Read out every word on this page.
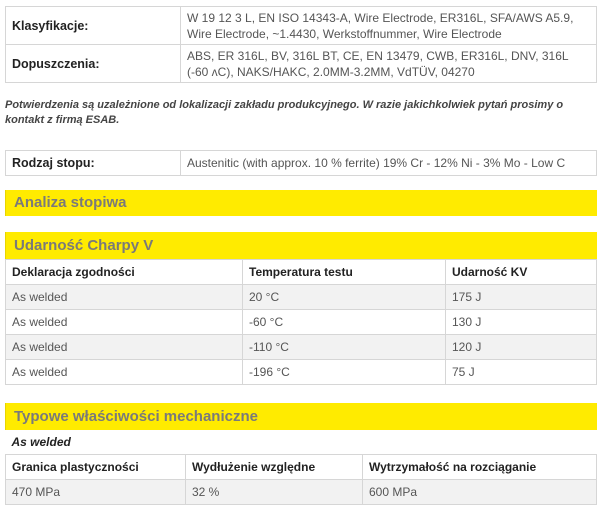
Klasyfikacje:	W 19 12 3 L, EN ISO 14343-A, Wire Electrode, ER316L, SFA/AWS A5.9, Wire Electrode, ~1.4430, Werkstoffnummer, Wire Electrode
Dopuszczenia:	ABS, ER 316L, BV, 316L BT, CE, EN 13479, CWB, ER316L, DNV, 316L (-60 ʌC), NAKS/HAKC, 2.0MM-3.2MM, VdTÜV, 04270
Potwierdzenia są uzależnione od lokalizacji zakładu produkcyjnego. W razie jakichkolwiek pytań prosimy o kontakt z firmą ESAB.
Rodzaj stopu:	Austenitic (with approx. 10 % ferrite) 19% Cr - 12% Ni - 3% Mo - Low C
Analiza stopiwa
Udarność Charpy V
Deklaracja zgodności	Temperatura testu	Udarność KV
As welded	20 °C	175 J
As welded	-60 °C	130 J
As welded	-110 °C	120 J
As welded	-196 °C	75 J
Typowe właściwości mechaniczne
As welded		
Granica plastyczności	Wydłużenie względne	Wytrzymałość na rozciąganie
470 MPa	32 %	600 MPa
